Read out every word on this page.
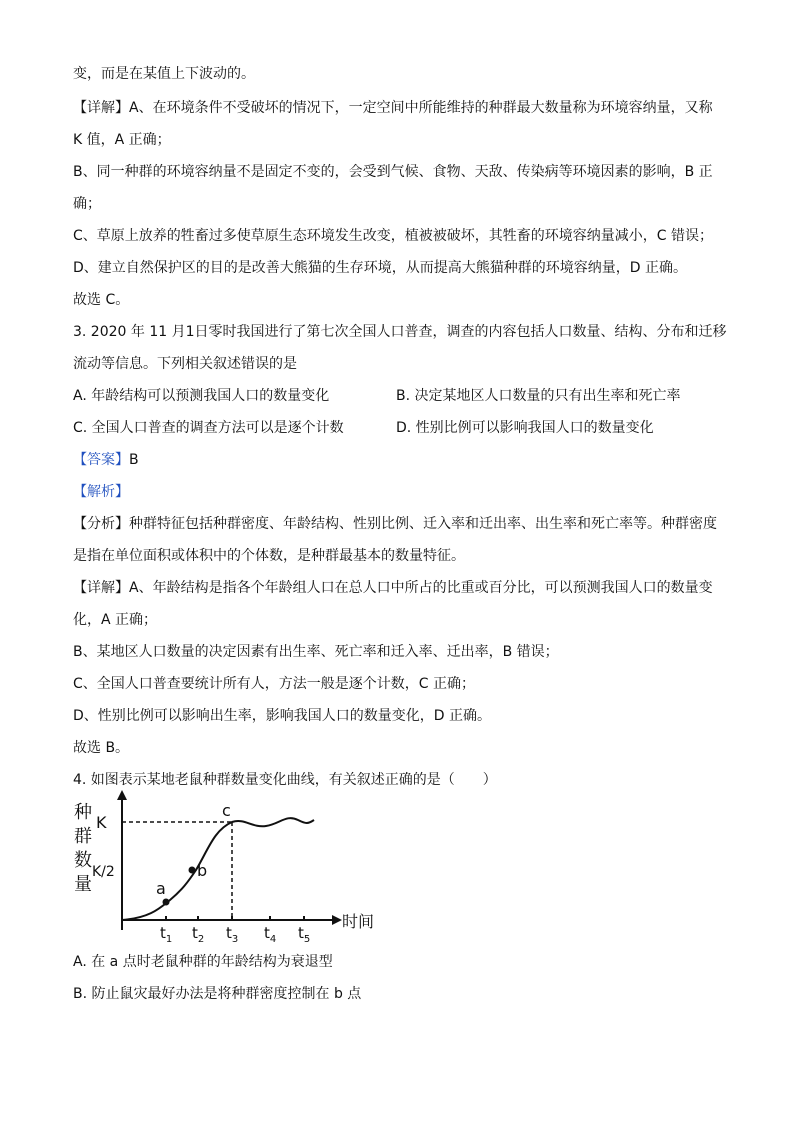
变，而是在某值上下波动的。
【详解】A、在环境条件不受破坏的情况下，一定空间中所能维持的种群最大数量称为环境容纳量，又称
K 值，A 正确；
B、同一种群的环境容纳量不是固定不变的，会受到气候、食物、天敌、传染病等环境因素的影响，B 正
确；
C、草原上放养的牲畜过多使草原生态环境发生改变，植被被破坏，其牲畜的环境容纳量减小，C 错误；
D、建立自然保护区的目的是改善大熊猫的生存环境，从而提高大熊猫种群的环境容纳量，D 正确。
故选 C。
3. 2020 年 11 月1日零时我国进行了第七次全国人口普查，调查的内容包括人口数量、结构、分布和迁移
流动等信息。下列相关叙述错误的是
A. 年龄结构可以预测我国人口的数量变化	B. 决定某地区人口数量的只有出生率和死亡率
C. 全国人口普查的调查方法可以是逐个计数	D. 性别比例可以影响我国人口的数量变化
【答案】B
【解析】
【分析】种群特征包括种群密度、年龄结构、性别比例、迁入率和迁出率、出生率和死亡率等。种群密度
是指在单位面积或体积中的个体数，是种群最基本的数量特征。
【详解】A、年龄结构是指各个年龄组人口在总人口中所占的比重或百分比，可以预测我国人口的数量变
化，A 正确；
B、某地区人口数量的决定因素有出生率、死亡率和迁入率、迁出率，B 错误；
C、全国人口普查要统计所有人，方法一般是逐个计数，C 正确；
D、性别比例可以影响出生率，影响我国人口的数量变化，D 正确。
故选 B。
4. 如图表示某地老鼠种群数量变化曲线，有关叙述正确的是（　　）
种群数量
时间
K
K/2
$t_1$ $t_2$ $t_3$ $t_4$ $t_5$
a
b
c
A. 在 a 点时老鼠种群的年龄结构为衰退型
B. 防止鼠灾最好办法是将种群密度控制在 b 点
